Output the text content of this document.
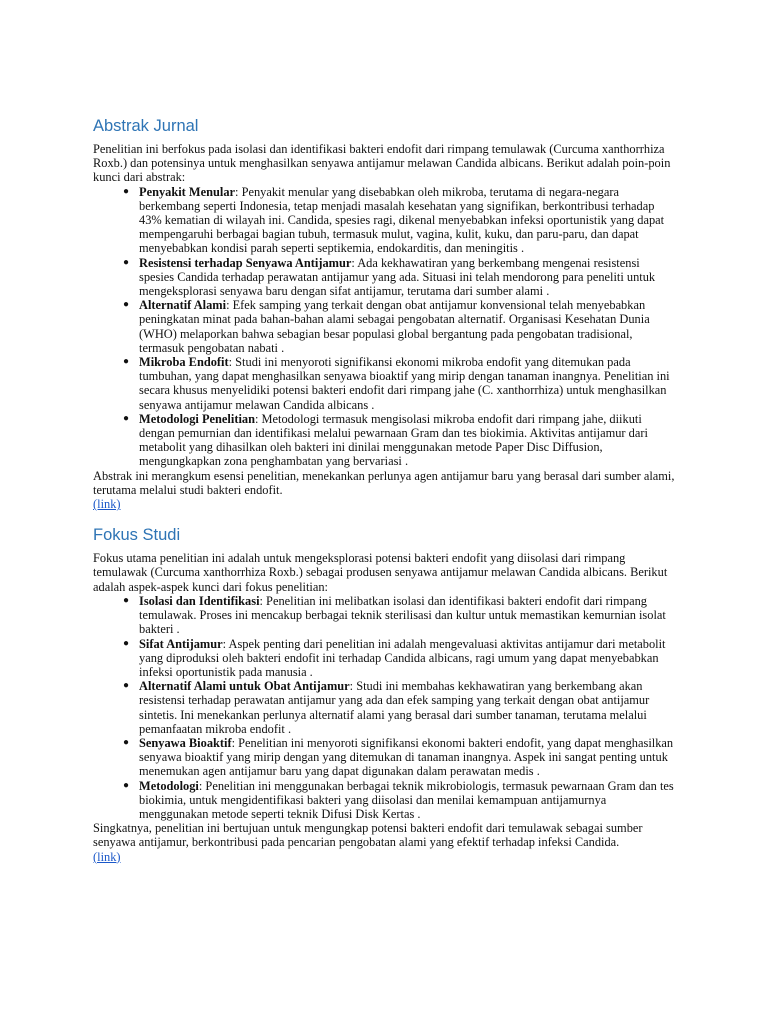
Abstrak Jurnal

Penelitian ini berfokus pada isolasi dan identifikasi bakteri endofit dari rimpang temulawak (Curcuma xanthorrhiza Roxb.) dan potensinya untuk menghasilkan senyawa antijamur melawan Candida albicans. Berikut adalah poin-poin kunci dari abstrak:

● Penyakit Menular: Penyakit menular yang disebabkan oleh mikroba, terutama di negara-negara berkembang seperti Indonesia, tetap menjadi masalah kesehatan yang signifikan, berkontribusi terhadap 43% kematian di wilayah ini. Candida, spesies ragi, dikenal menyebabkan infeksi oportunistik yang dapat mempengaruhi berbagai bagian tubuh, termasuk mulut, vagina, kulit, kuku, dan paru-paru, dan dapat menyebabkan kondisi parah seperti septikemia, endokarditis, dan meningitis .
● Resistensi terhadap Senyawa Antijamur: Ada kekhawatiran yang berkembang mengenai resistensi spesies Candida terhadap perawatan antijamur yang ada. Situasi ini telah mendorong para peneliti untuk mengeksplorasi senyawa baru dengan sifat antijamur, terutama dari sumber alami .
● Alternatif Alami: Efek samping yang terkait dengan obat antijamur konvensional telah menyebabkan peningkatan minat pada bahan-bahan alami sebagai pengobatan alternatif. Organisasi Kesehatan Dunia (WHO) melaporkan bahwa sebagian besar populasi global bergantung pada pengobatan tradisional, termasuk pengobatan nabati .
● Mikroba Endofit: Studi ini menyoroti signifikansi ekonomi mikroba endofit yang ditemukan pada tumbuhan, yang dapat menghasilkan senyawa bioaktif yang mirip dengan tanaman inangnya. Penelitian ini secara khusus menyelidiki potensi bakteri endofit dari rimpang jahe (C. xanthorrhiza) untuk menghasilkan senyawa antijamur melawan Candida albicans .
● Metodologi Penelitian: Metodologi termasuk mengisolasi mikroba endofit dari rimpang jahe, diikuti dengan pemurnian dan identifikasi melalui pewarnaan Gram dan tes biokimia. Aktivitas antijamur dari metabolit yang dihasilkan oleh bakteri ini dinilai menggunakan metode Paper Disc Diffusion, mengungkapkan zona penghambatan yang bervariasi .

Abstrak ini merangkum esensi penelitian, menekankan perlunya agen antijamur baru yang berasal dari sumber alami, terutama melalui studi bakteri endofit.

(link)
Fokus Studi

Fokus utama penelitian ini adalah untuk mengeksplorasi potensi bakteri endofit yang diisolasi dari rimpang temulawak (Curcuma xanthorrhiza Roxb.) sebagai produsen senyawa antijamur melawan Candida albicans. Berikut adalah aspek-aspek kunci dari fokus penelitian:

● Isolasi dan Identifikasi: Penelitian ini melibatkan isolasi dan identifikasi bakteri endofit dari rimpang temulawak. Proses ini mencakup berbagai teknik sterilisasi dan kultur untuk memastikan kemurnian isolat bakteri .
● Sifat Antijamur: Aspek penting dari penelitian ini adalah mengevaluasi aktivitas antijamur dari metabolit yang diproduksi oleh bakteri endofit ini terhadap Candida albicans, ragi umum yang dapat menyebabkan infeksi oportunistik pada manusia .
● Alternatif Alami untuk Obat Antijamur: Studi ini membahas kekhawatiran yang berkembang akan resistensi terhadap perawatan antijamur yang ada dan efek samping yang terkait dengan obat antijamur sintetis. Ini menekankan perlunya alternatif alami yang berasal dari sumber tanaman, terutama melalui pemanfaatan mikroba endofit .
● Senyawa Bioaktif: Penelitian ini menyoroti signifikansi ekonomi bakteri endofit, yang dapat menghasilkan senyawa bioaktif yang mirip dengan yang ditemukan di tanaman inangnya. Aspek ini sangat penting untuk menemukan agen antijamur baru yang dapat digunakan dalam perawatan medis .
● Metodologi: Penelitian ini menggunakan berbagai teknik mikrobiologis, termasuk pewarnaan Gram dan tes biokimia, untuk mengidentifikasi bakteri yang diisolasi dan menilai kemampuan antijamurnya menggunakan metode seperti teknik Difusi Disk Kertas .

Singkatnya, penelitian ini bertujuan untuk mengungkap potensi bakteri endofit dari temulawak sebagai sumber senyawa antijamur, berkontribusi pada pencarian pengobatan alami yang efektif terhadap infeksi Candida.

(link)
